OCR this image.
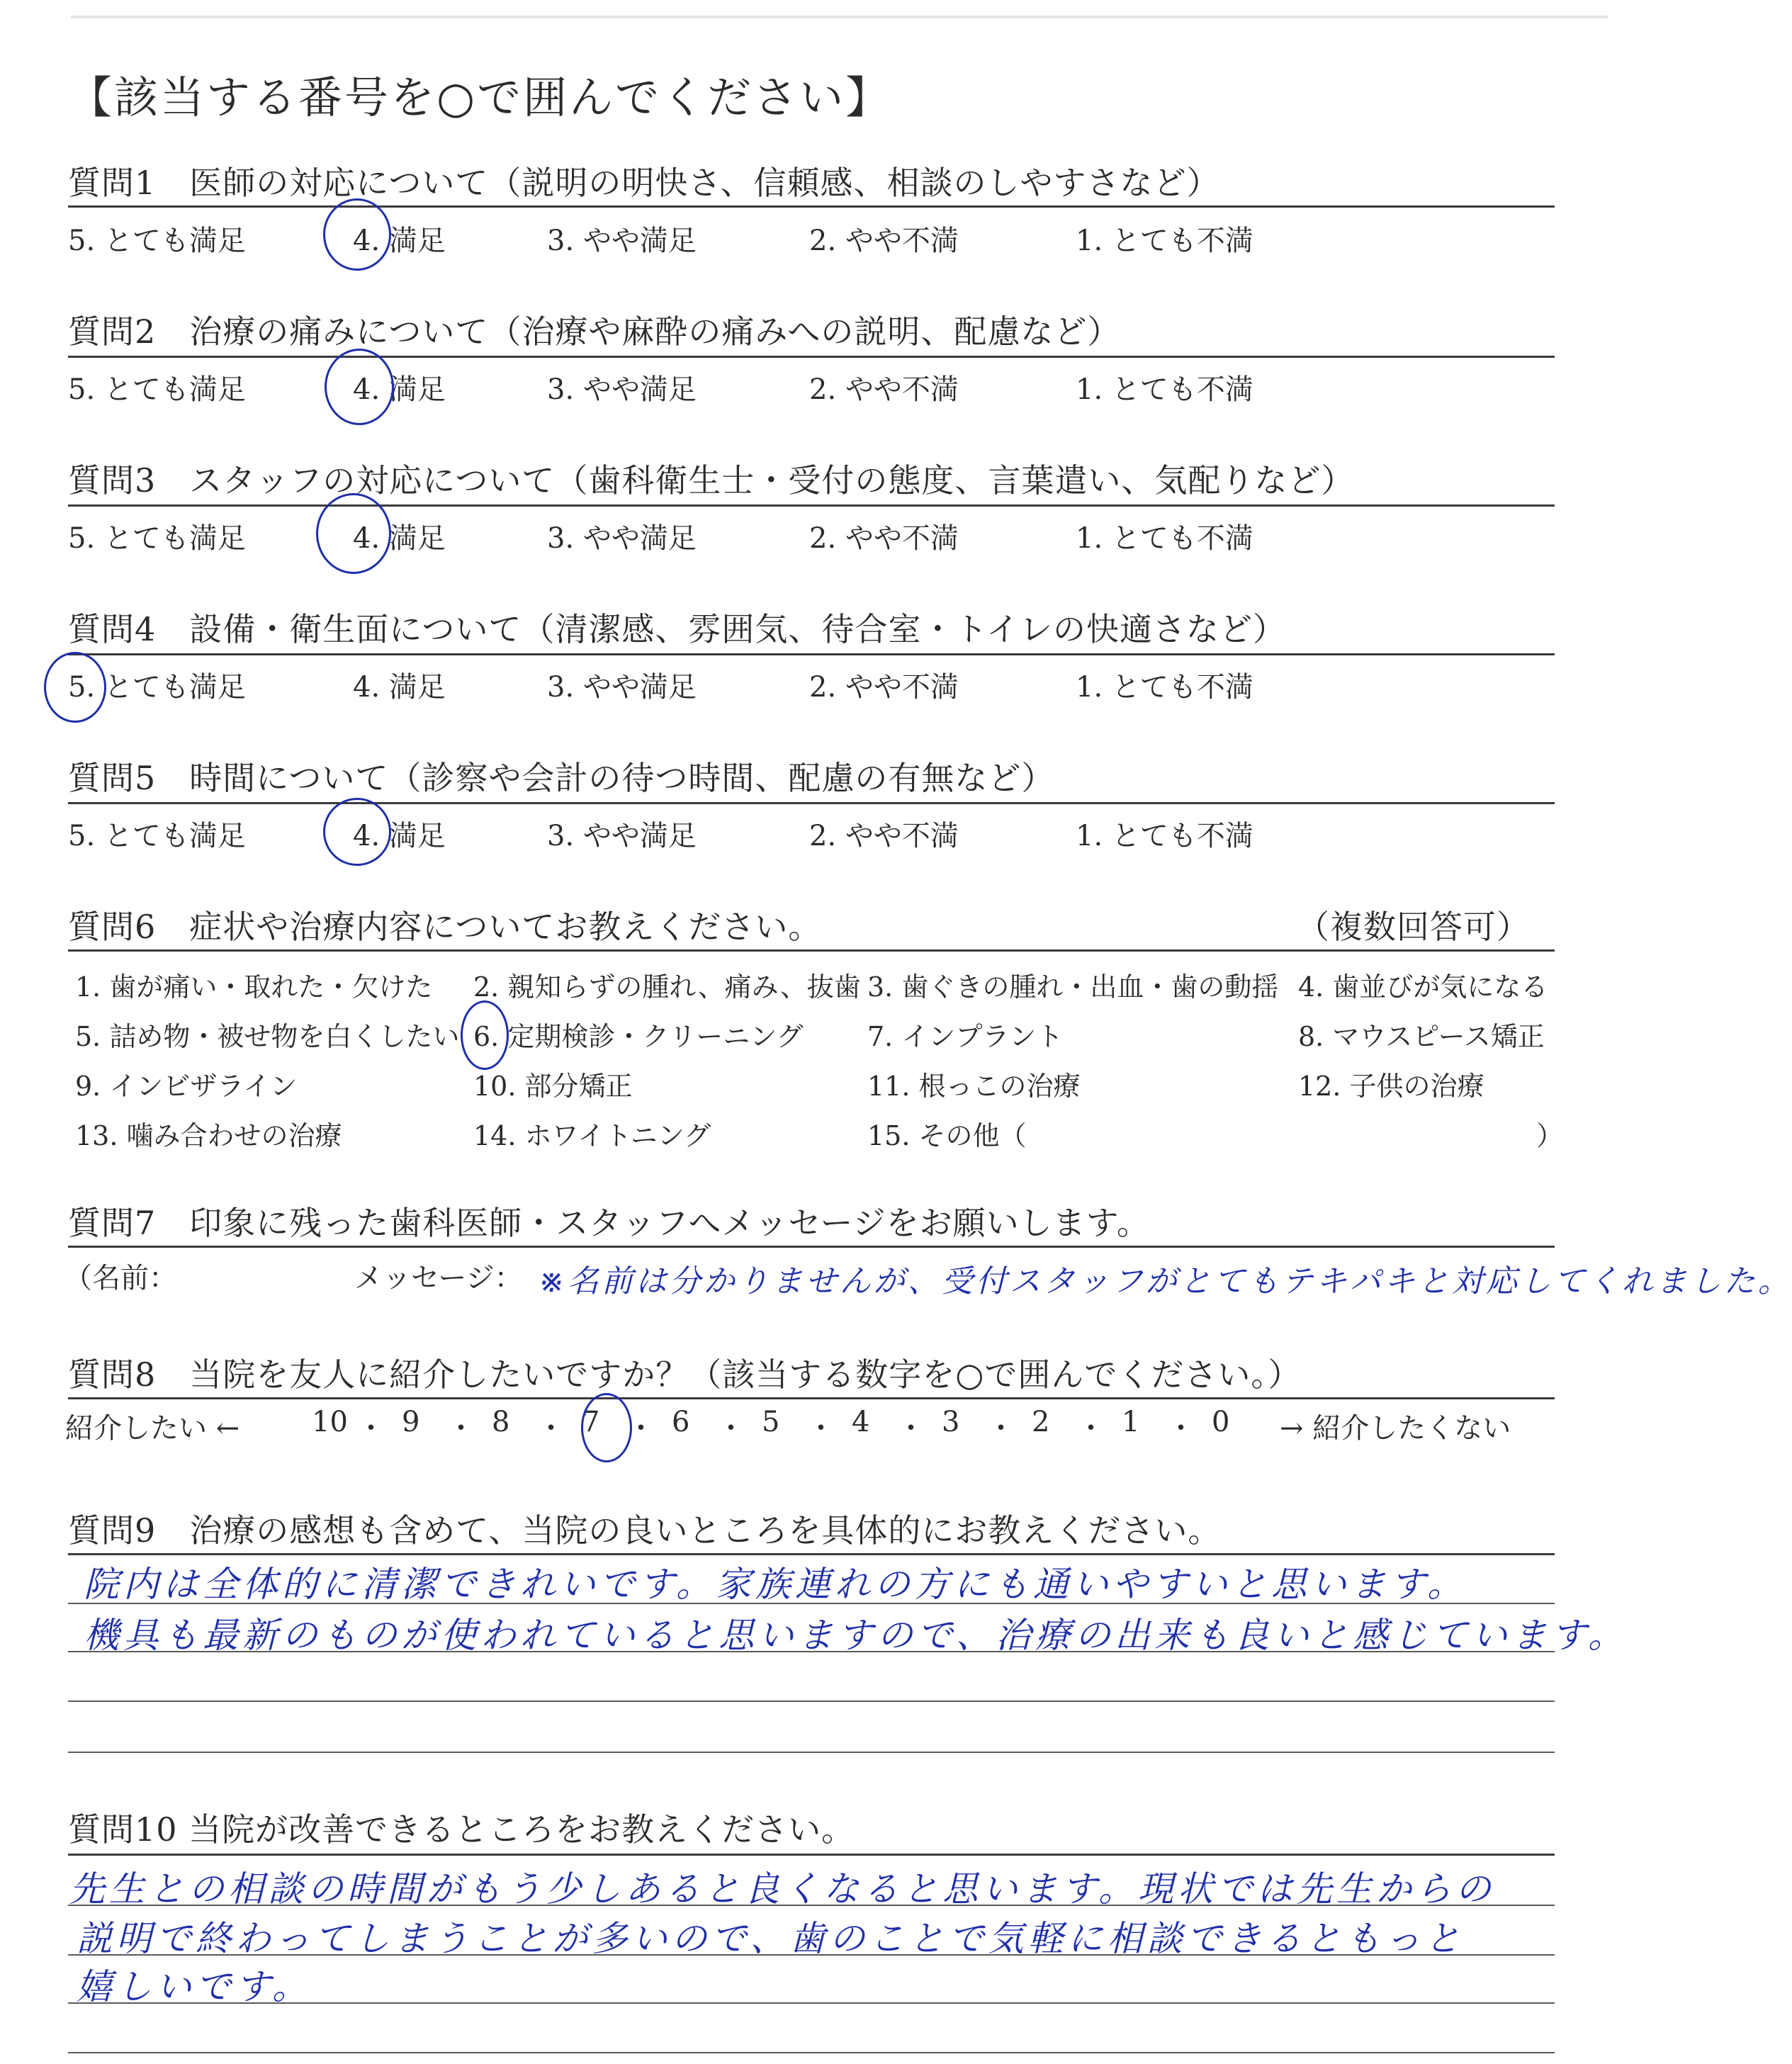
【該当する番号を○で囲んでください】
質問1　医師の対応について（説明の明快さ、信頼感、相談のしやすさなど）
5. とても満足	4. 満足	3. やや満足	2. やや不満	1. とても不満
質問2　治療の痛みについて（治療や麻酔の痛みへの説明、配慮など）
5. とても満足	4. 満足	3. やや満足	2. やや不満	1. とても不満
質問3　スタッフの対応について（歯科衛生士・受付の態度、言葉遣い、気配りなど）
5. とても満足	4. 満足	3. やや満足	2. やや不満	1. とても不満
質問4　設備・衛生面について（清潔感、雰囲気、待合室・トイレの快適さなど）
5. とても満足	4. 満足	3. やや満足	2. やや不満	1. とても不満
質問5　時間について（診察や会計の待つ時間、配慮の有無など）
5. とても満足	4. 満足	3. やや満足	2. やや不満	1. とても不満
質問6　症状や治療内容についてお教えください。	（複数回答可）
1. 歯が痛い・取れた・欠けた 2. 親知らずの腫れ、痛み、抜歯 3. 歯ぐきの腫れ・出血・歯の動揺 4. 歯並びが気になる
5. 詰め物・被せ物を白くしたい 6. 定期検診・クリーニング 7. インプラント	8. マウスピース矯正
9. インビザライン	10. 部分矯正	11. 根っこの治療	12. 子供の治療
13. 噛み合わせの治療	14. ホワイトニング	15. その他（	）
質問7　印象に残った歯科医師・スタッフへメッセージをお願いします。
（名前：	メッセージ： ※名前は分かりませんが、受付スタッフがとてもテキパキと対応してくれました。
質問8　当院を友人に紹介したいですか？（該当する数字を○で囲んでください。）
紹介したい ←	10 ・ 9 ・ 8 ・ 7 ・ 6 ・ 5 ・ 4 ・ 3 ・ 2 ・ 1 ・ 0 → 紹介したくない
質問9　治療の感想も含めて、当院の良いところを具体的にお教えください。
院内は全体的に清潔できれいです。家族連れの方にも通いやすいと思います。
機具も最新のものが使われていると思いますので、治療の出来も良いと感じています。
質問10 当院が改善できるところをお教えください。
先生との相談の時間がもう少しあると良くなると思います。現状では先生からの
説明で終わってしまうことが多いので、歯のことで気軽に相談できるともっと
嬉しいです。
